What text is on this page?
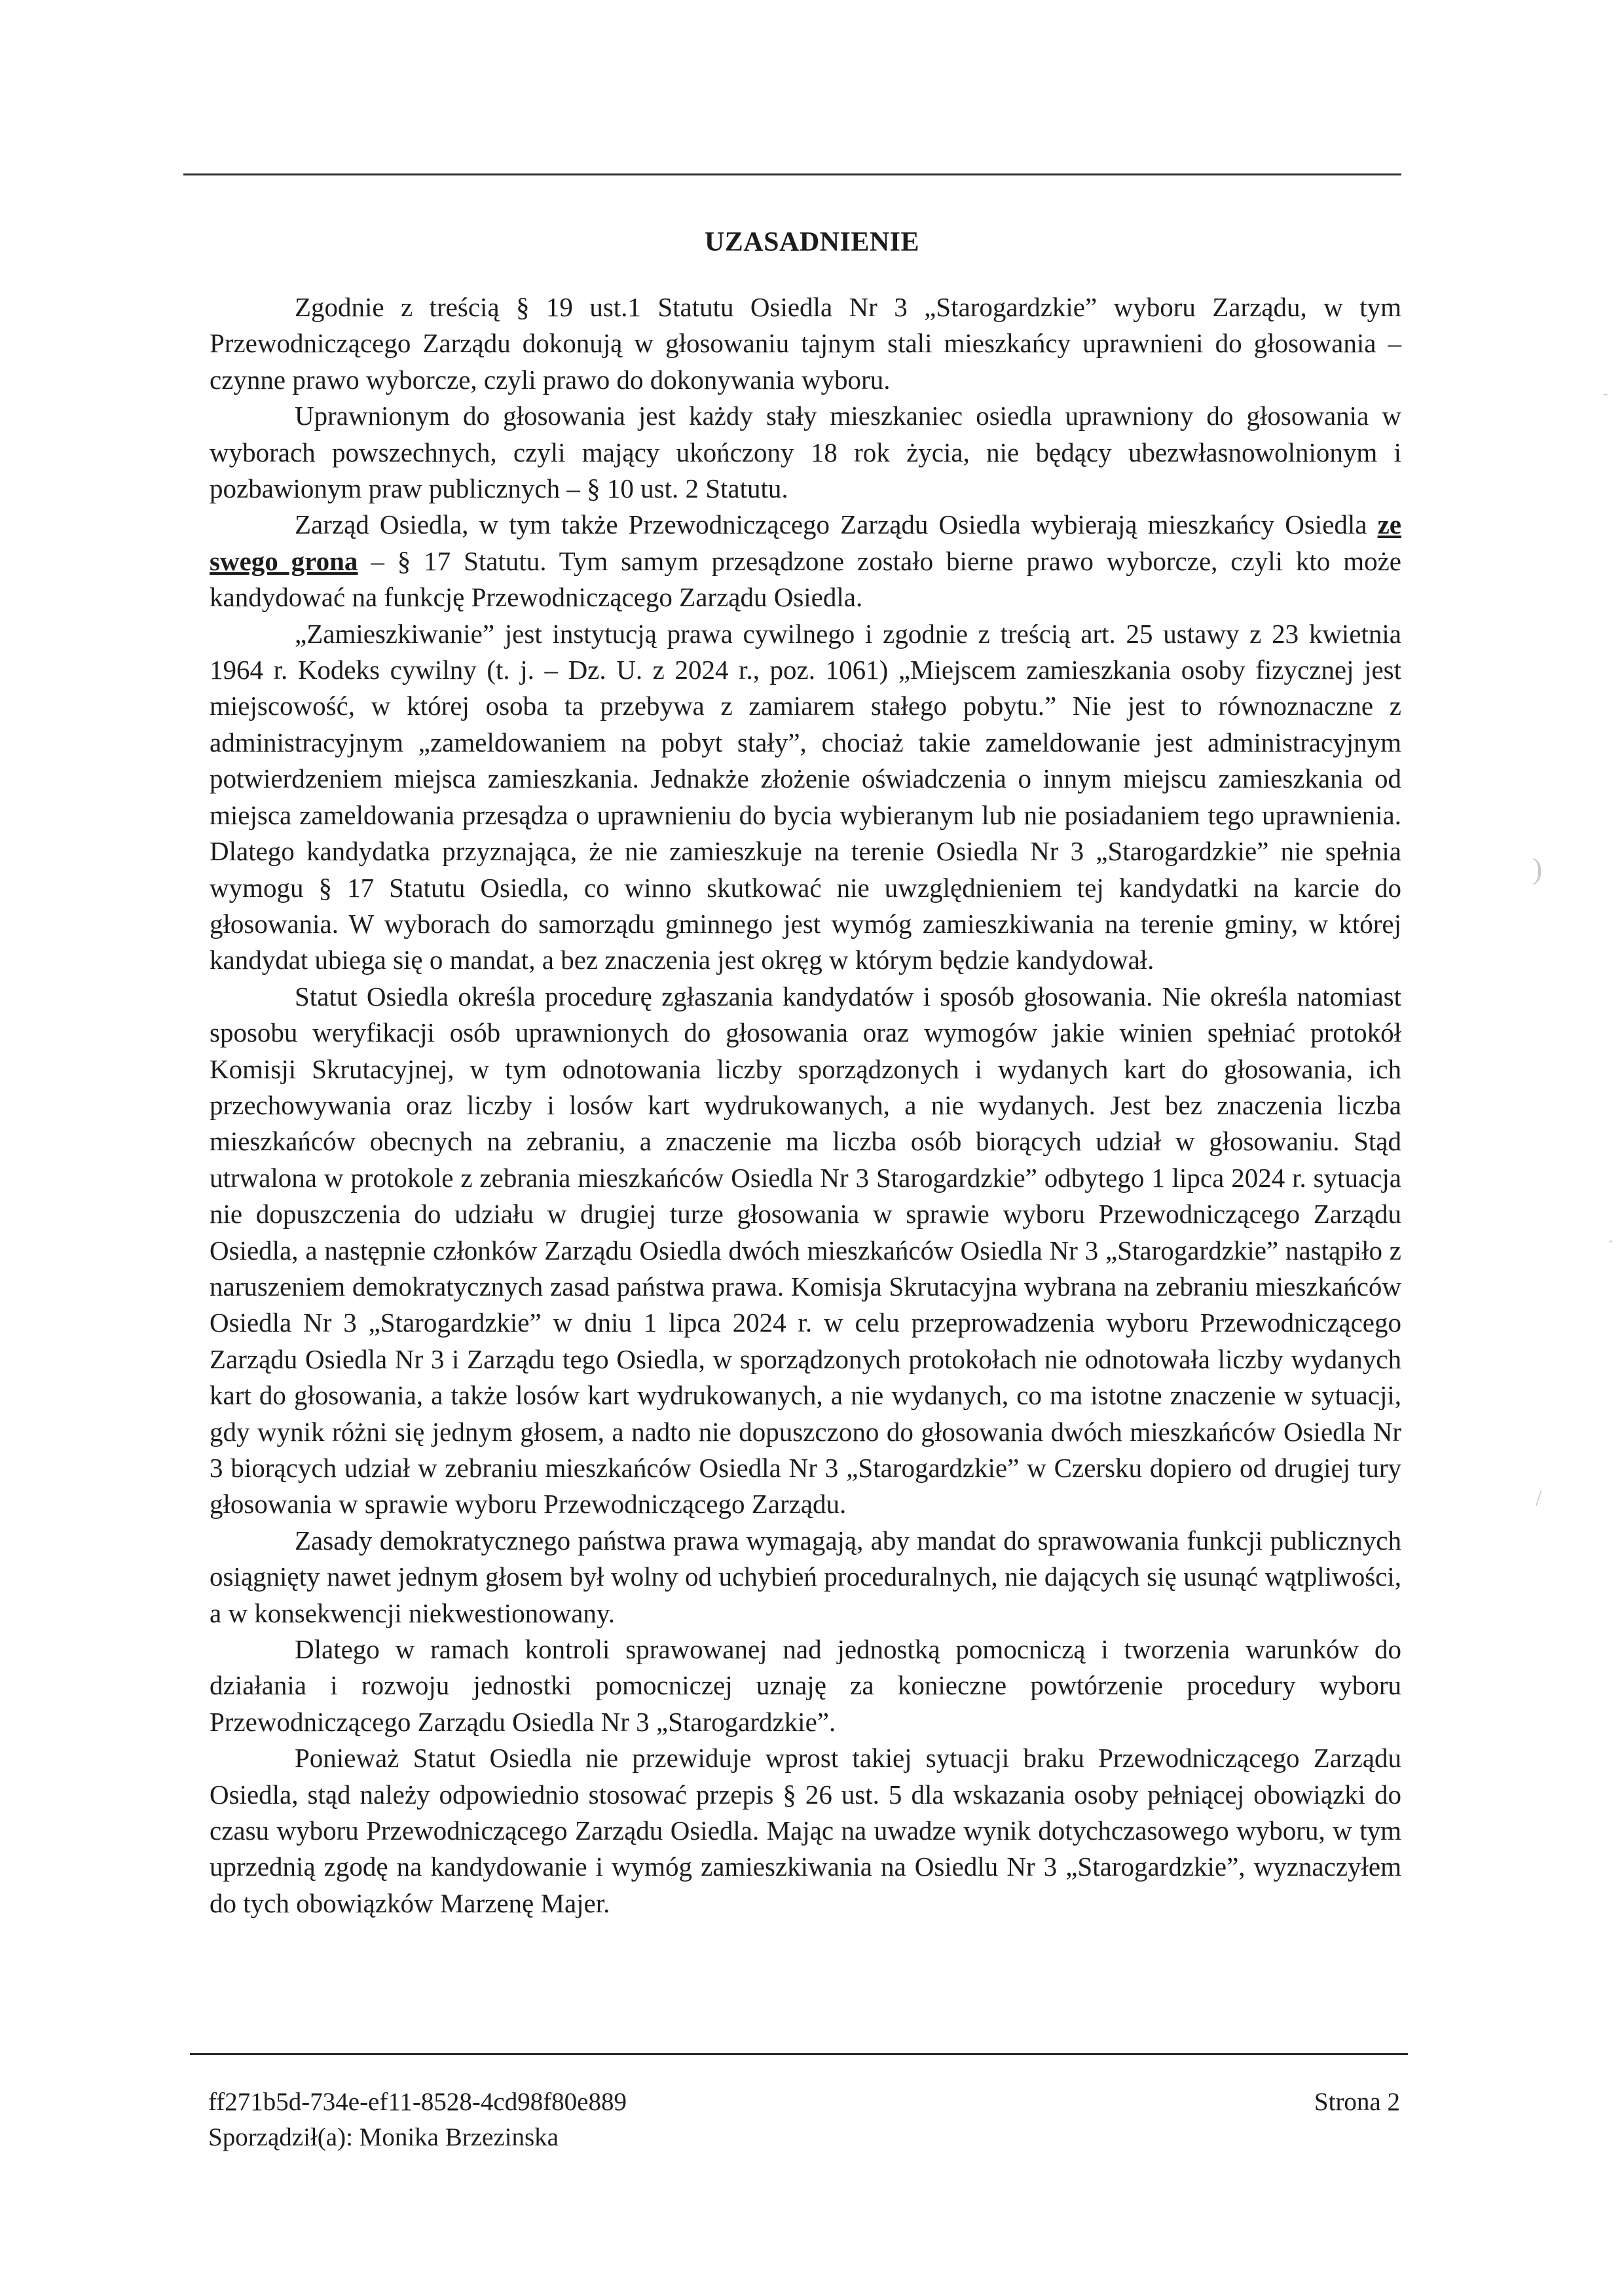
UZASADNIENIE

Zgodnie z treścią § 19 ust.1 Statutu Osiedla Nr 3 „Starogardzkie” wyboru Zarządu, w tym Przewodniczącego Zarządu dokonują w głosowaniu tajnym stali mieszkańcy uprawnieni do głosowania – czynne prawo wyborcze, czyli prawo do dokonywania wyboru.

Uprawnionym do głosowania jest każdy stały mieszkaniec osiedla uprawniony do głosowania w wyborach powszechnych, czyli mający ukończony 18 rok życia, nie będący ubezwłasnowolnionym i pozbawionym praw publicznych – § 10 ust. 2 Statutu.

Zarząd Osiedla, w tym także Przewodniczącego Zarządu Osiedla wybierają mieszkańcy Osiedla ze swego grona – § 17 Statutu. Tym samym przesądzone zostało bierne prawo wyborcze, czyli kto może kandydować na funkcję Przewodniczącego Zarządu Osiedla.

„Zamieszkiwanie” jest instytucją prawa cywilnego i zgodnie z treścią art. 25 ustawy z 23 kwietnia 1964 r. Kodeks cywilny (t. j. – Dz. U. z 2024 r., poz. 1061) „Miejscem zamieszkania osoby fizycznej jest miejscowość, w której osoba ta przebywa z zamiarem stałego pobytu.” Nie jest to równoznaczne z administracyjnym „zameldowaniem na pobyt stały”, chociaż takie zameldowanie jest administracyjnym potwierdzeniem miejsca zamieszkania. Jednakże złożenie oświadczenia o innym miejscu zamieszkania od miejsca zameldowania przesądza o uprawnieniu do bycia wybieranym lub nie posiadaniem tego uprawnienia. Dlatego kandydatka przyznająca, że nie zamieszkuje na terenie Osiedla Nr 3 „Starogardzkie” nie spełnia wymogu § 17 Statutu Osiedla, co winno skutkować nie uwzględnieniem tej kandydatki na karcie do głosowania. W wyborach do samorządu gminnego jest wymóg zamieszkiwania na terenie gminy, w której kandydat ubiega się o mandat, a bez znaczenia jest okręg w którym będzie kandydował.

Statut Osiedla określa procedurę zgłaszania kandydatów i sposób głosowania. Nie określa natomiast sposobu weryfikacji osób uprawnionych do głosowania oraz wymogów jakie winien spełniać protokół Komisji Skrutacyjnej, w tym odnotowania liczby sporządzonych i wydanych kart do głosowania, ich przechowywania oraz liczby i losów kart wydrukowanych, a nie wydanych. Jest bez znaczenia liczba mieszkańców obecnych na zebraniu, a znaczenie ma liczba osób biorących udział w głosowaniu. Stąd utrwalona w protokole z zebrania mieszkańców Osiedla Nr 3 Starogardzkie” odbytego 1 lipca 2024 r. sytuacja nie dopuszczenia do udziału w drugiej turze głosowania w sprawie wyboru Przewodniczącego Zarządu Osiedla, a następnie członków Zarządu Osiedla dwóch mieszkańców Osiedla Nr 3 „Starogardzkie” nastąpiło z naruszeniem demokratycznych zasad państwa prawa. Komisja Skrutacyjna wybrana na zebraniu mieszkańców Osiedla Nr 3 „Starogardzkie” w dniu 1 lipca 2024 r. w celu przeprowadzenia wyboru Przewodniczącego Zarządu Osiedla Nr 3 i Zarządu tego Osiedla, w sporządzonych protokołach nie odnotowała liczby wydanych kart do głosowania, a także losów kart wydrukowanych, a nie wydanych, co ma istotne znaczenie w sytuacji, gdy wynik różni się jednym głosem, a nadto nie dopuszczono do głosowania dwóch mieszkańców Osiedla Nr 3 biorących udział w zebraniu mieszkańców Osiedla Nr 3 „Starogardzkie” w Czersku dopiero od drugiej tury głosowania w sprawie wyboru Przewodniczącego Zarządu.

Zasady demokratycznego państwa prawa wymagają, aby mandat do sprawowania funkcji publicznych osiągnięty nawet jednym głosem był wolny od uchybień proceduralnych, nie dających się usunąć wątpliwości, a w konsekwencji niekwestionowany.

Dlatego w ramach kontroli sprawowanej nad jednostką pomocniczą i tworzenia warunków do działania i rozwoju jednostki pomocniczej uznaję za konieczne powtórzenie procedury wyboru Przewodniczącego Zarządu Osiedla Nr 3 „Starogardzkie”.

Ponieważ Statut Osiedla nie przewiduje wprost takiej sytuacji braku Przewodniczącego Zarządu Osiedla, stąd należy odpowiednio stosować przepis § 26 ust. 5 dla wskazania osoby pełniącej obowiązki do czasu wyboru Przewodniczącego Zarządu Osiedla. Mając na uwadze wynik dotychczasowego wyboru, w tym uprzednią zgodę na kandydowanie i wymóg zamieszkiwania na Osiedlu Nr 3 „Starogardzkie”, wyznaczyłem do tych obowiązków Marzenę Majer.

ff271b5d-734e-ef11-8528-4cd98f80e889
Sporządził(a): Monika Brzezinska
Strona 2
-
)
·
/
